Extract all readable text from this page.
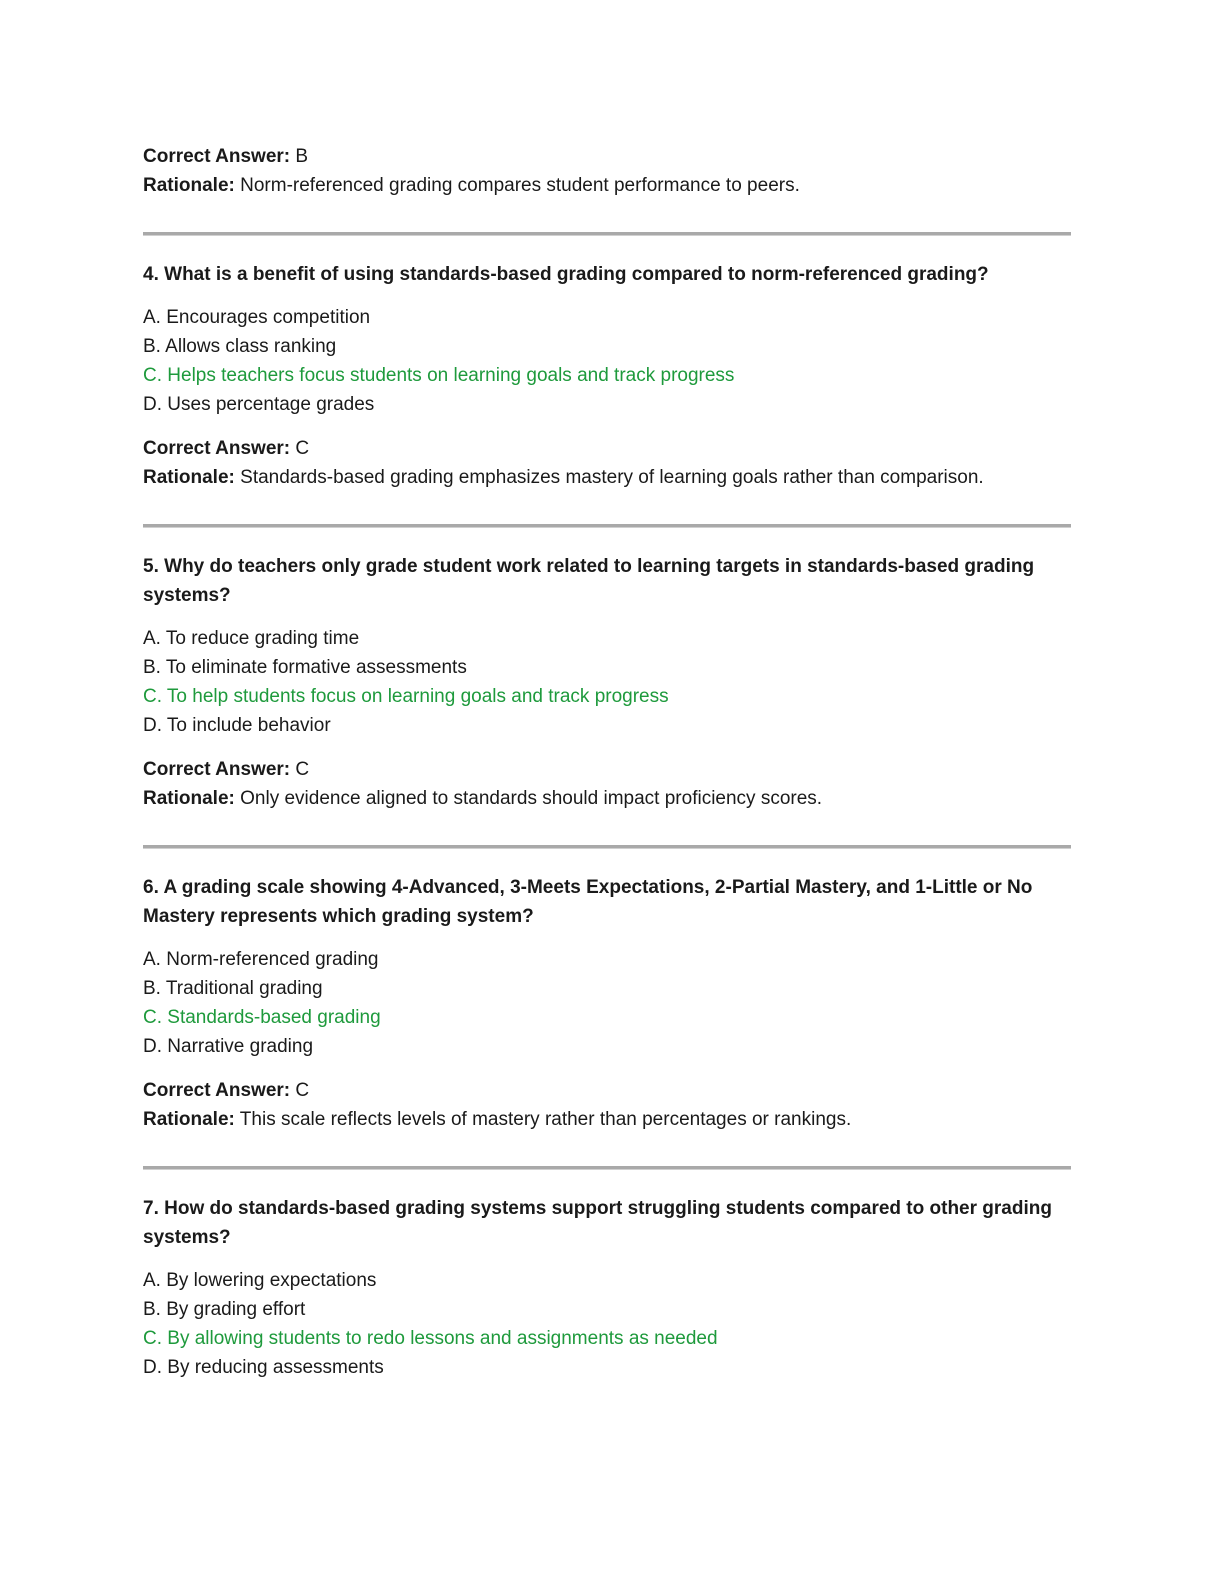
Correct Answer: B
Rationale: Norm-referenced grading compares student performance to peers.

4. What is a benefit of using standards-based grading compared to norm-referenced grading?

A. Encourages competition
B. Allows class ranking
C. Helps teachers focus students on learning goals and track progress
D. Uses percentage grades
Correct Answer: C
Rationale: Standards-based grading emphasizes mastery of learning goals rather than comparison.

5. Why do teachers only grade student work related to learning targets in standards-based grading systems?

A. To reduce grading time
B. To eliminate formative assessments
C. To help students focus on learning goals and track progress
D. To include behavior
Correct Answer: C
Rationale: Only evidence aligned to standards should impact proficiency scores.

6. A grading scale showing 4-Advanced, 3-Meets Expectations, 2-Partial Mastery, and 1-Little or No Mastery represents which grading system?

A. Norm-referenced grading
B. Traditional grading
C. Standards-based grading
D. Narrative grading
Correct Answer: C
Rationale: This scale reflects levels of mastery rather than percentages or rankings.

7. How do standards-based grading systems support struggling students compared to other grading systems?

A. By lowering expectations
B. By grading effort
C. By allowing students to redo lessons and assignments as needed
D. By reducing assessments
